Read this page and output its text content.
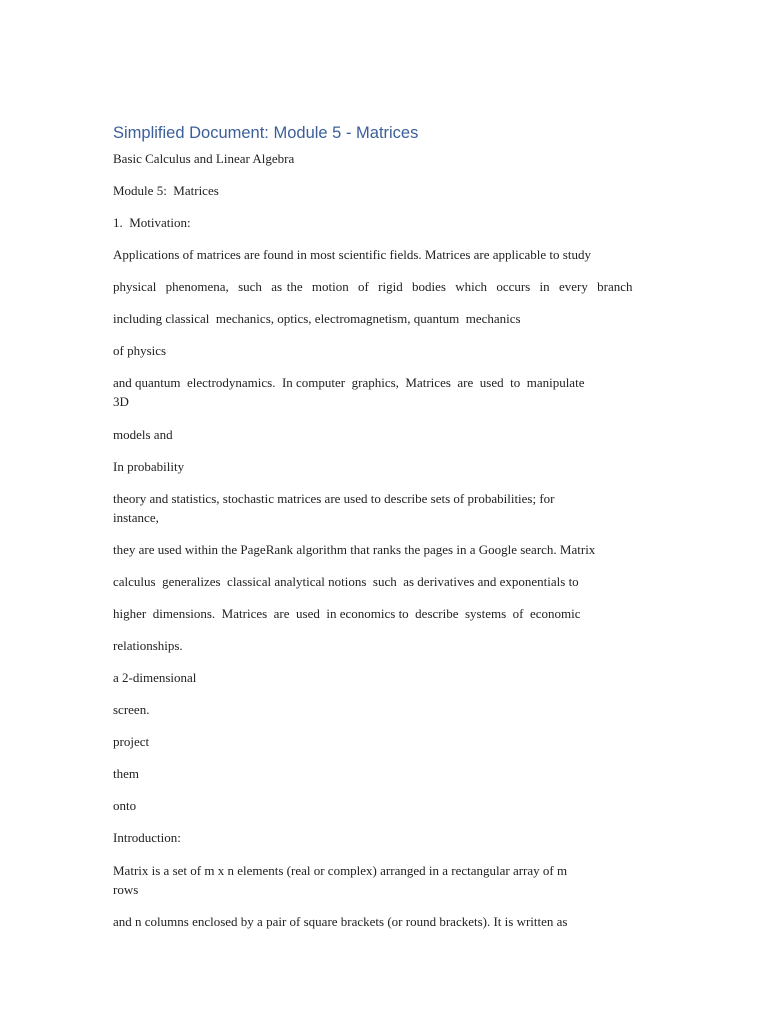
Simplified Document: Module 5 - Matrices

Basic Calculus and Linear Algebra

Module 5:  Matrices

1.  Motivation:

Applications of matrices are found in most scientific fields. Matrices are applicable to study

physical  phenomena,  such  as the  motion  of  rigid  bodies  which  occurs  in  every  branch

including classical  mechanics, optics, electromagnetism, quantum  mechanics

of physics

and quantum  electrodynamics.  In computer  graphics,  Matrices  are  used  to  manipulate

3D

models and

In probability

theory and statistics, stochastic matrices are used to describe sets of probabilities; for

instance,

they are used within the PageRank algorithm that ranks the pages in a Google search. Matrix

calculus  generalizes  classical analytical notions  such  as derivatives and exponentials to

higher  dimensions.  Matrices  are  used  in economics to  describe  systems  of  economic

relationships.

a 2-dimensional

screen.

project

them

onto

Introduction:

Matrix is a set of m x n elements (real or complex) arranged in a rectangular array of m

rows

and n columns enclosed by a pair of square brackets (or round brackets). It is written as
